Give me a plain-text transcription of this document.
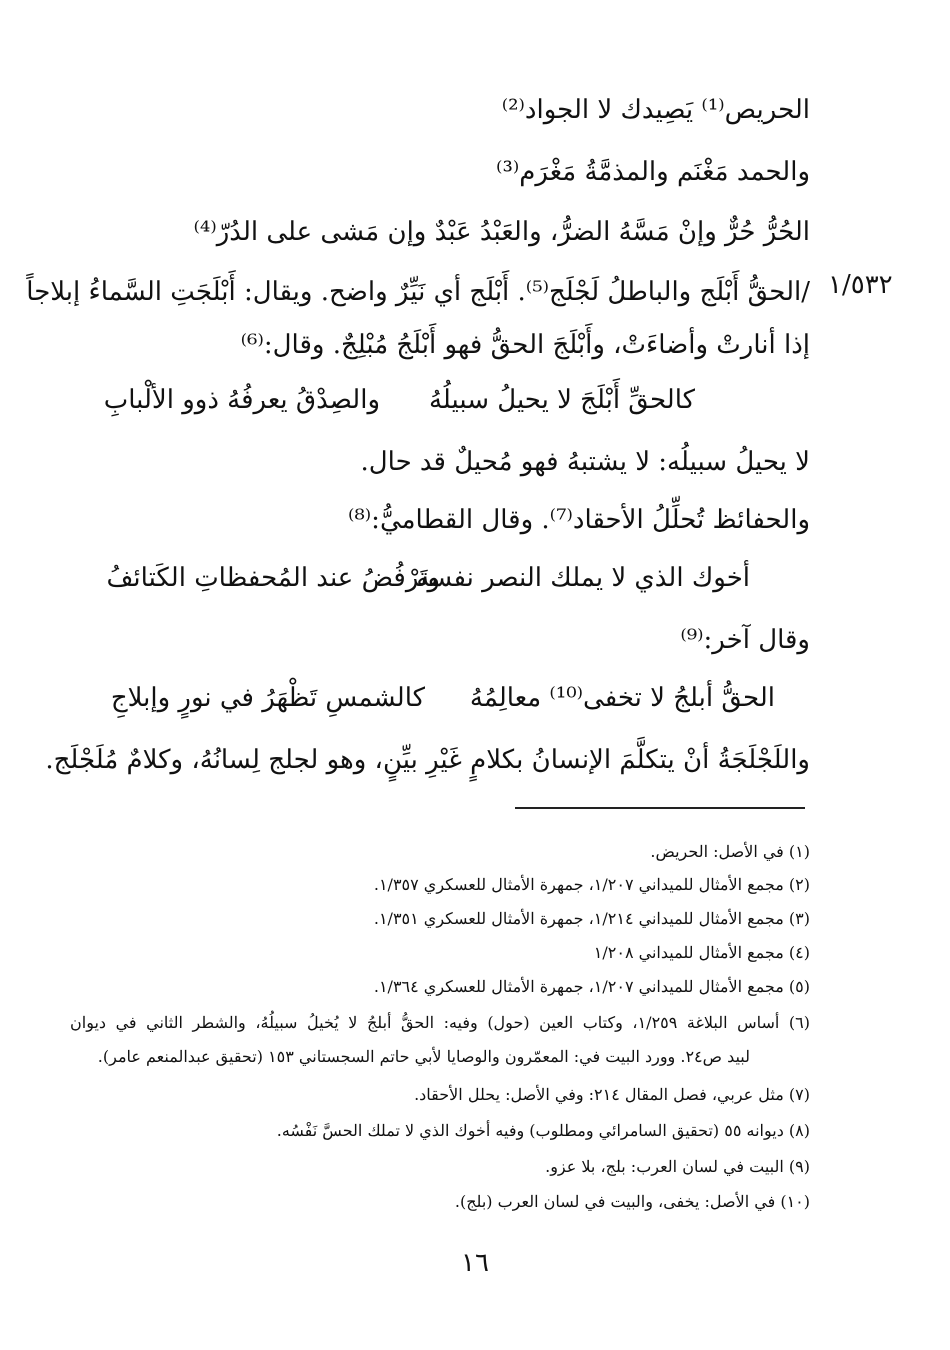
١/٥٣٢
الحريص⁽¹⁾ يَصِيدك لا الجواد⁽²⁾
والحمد مَغْنَم والمذمَّةُ مَغْرَم⁽³⁾
الحُرُّ حُرٌّ وإنْ مَسَّهُ الضرُّ، والعَبْدُ عَبْدٌ وإن مَشى على الدُرّ⁽⁴⁾
/الحقُّ أَبْلَج والباطلُ لَجْلَج⁽⁵⁾. أَبْلَج أي نَيِّرٌ واضح. ويقال: أَبْلَجَتِ السَّماءُ إبلاجاً
إذا أنارتْ وأضاءَتْ، وأَبْلَجَ الحقُّ فهو أَبْلَجُ مُبْلِجٌ. وقال:⁽⁶⁾
كالحقِّ أَبْلَجَ لا يحيلُ سبيلُهُ
والصِدْقُ يعرفُهُ ذوو الألْبابِ
لا يحيلُ سبيلُه: لا يشتبهُ فهو مُحيلٌ قد حال.
والحفائظ تُحلِّلُ الأحقاد⁽⁷⁾. وقال القطاميُّ:⁽⁸⁾
أخوك الذي لا يملك النصر نفسه
وتَرْفُضُ عند المُحفظاتِ الكَتائفُ
وقال آخر:⁽⁹⁾
الحقُّ أبلجُ لا تخفى⁽¹⁰⁾ معالِمُهُ
كالشمسِ تَظْهَرُ في نورٍ وإبلاجِ
واللَجْلَجَةُ أنْ يتكلَّمَ الإنسانُ بكلامٍ غَيْرِ بيِّنٍ، وهو لجلج لِسانُهُ، وكلامٌ مُلَجْلَج.
(١) في الأصل: الحريض.
(٢) مجمع الأمثال للميداني ١/٢٠٧، جمهرة الأمثال للعسكري ١/٣٥٧.
(٣) مجمع الأمثال للميداني ١/٢١٤، جمهرة الأمثال للعسكري ١/٣٥١.
(٤) مجمع الأمثال للميداني ١/٢٠٨
(٥) مجمع الأمثال للميداني ١/٢٠٧، جمهرة الأمثال للعسكري ١/٣٦٤.
(٦) أساس البلاغة ١/٢٥٩، وكتاب العين (حول) وفيه: الحقُّ أبلجُ لا يُخيلُ سبيلُهُ، والشطر الثاني في ديوان
لبيد ص٢٤. وورد البيت في: المعمّرون والوصايا لأبي حاتم السجستاني ١٥٣ (تحقيق عبدالمنعم عامر).
(٧) مثل عربي، فصل المقال ٢١٤: وفي الأصل: يحلل الأحقاد.
(٨) ديوانه ٥٥ (تحقيق السامرائي ومطلوب) وفيه أخوك الذي لا تملك الحسَّ نَفْسُه.
(٩) البيت في لسان العرب: بلج، بلا عزو.
(١٠) في الأصل: يخفى، والبيت في لسان العرب (بلج).
١٦
